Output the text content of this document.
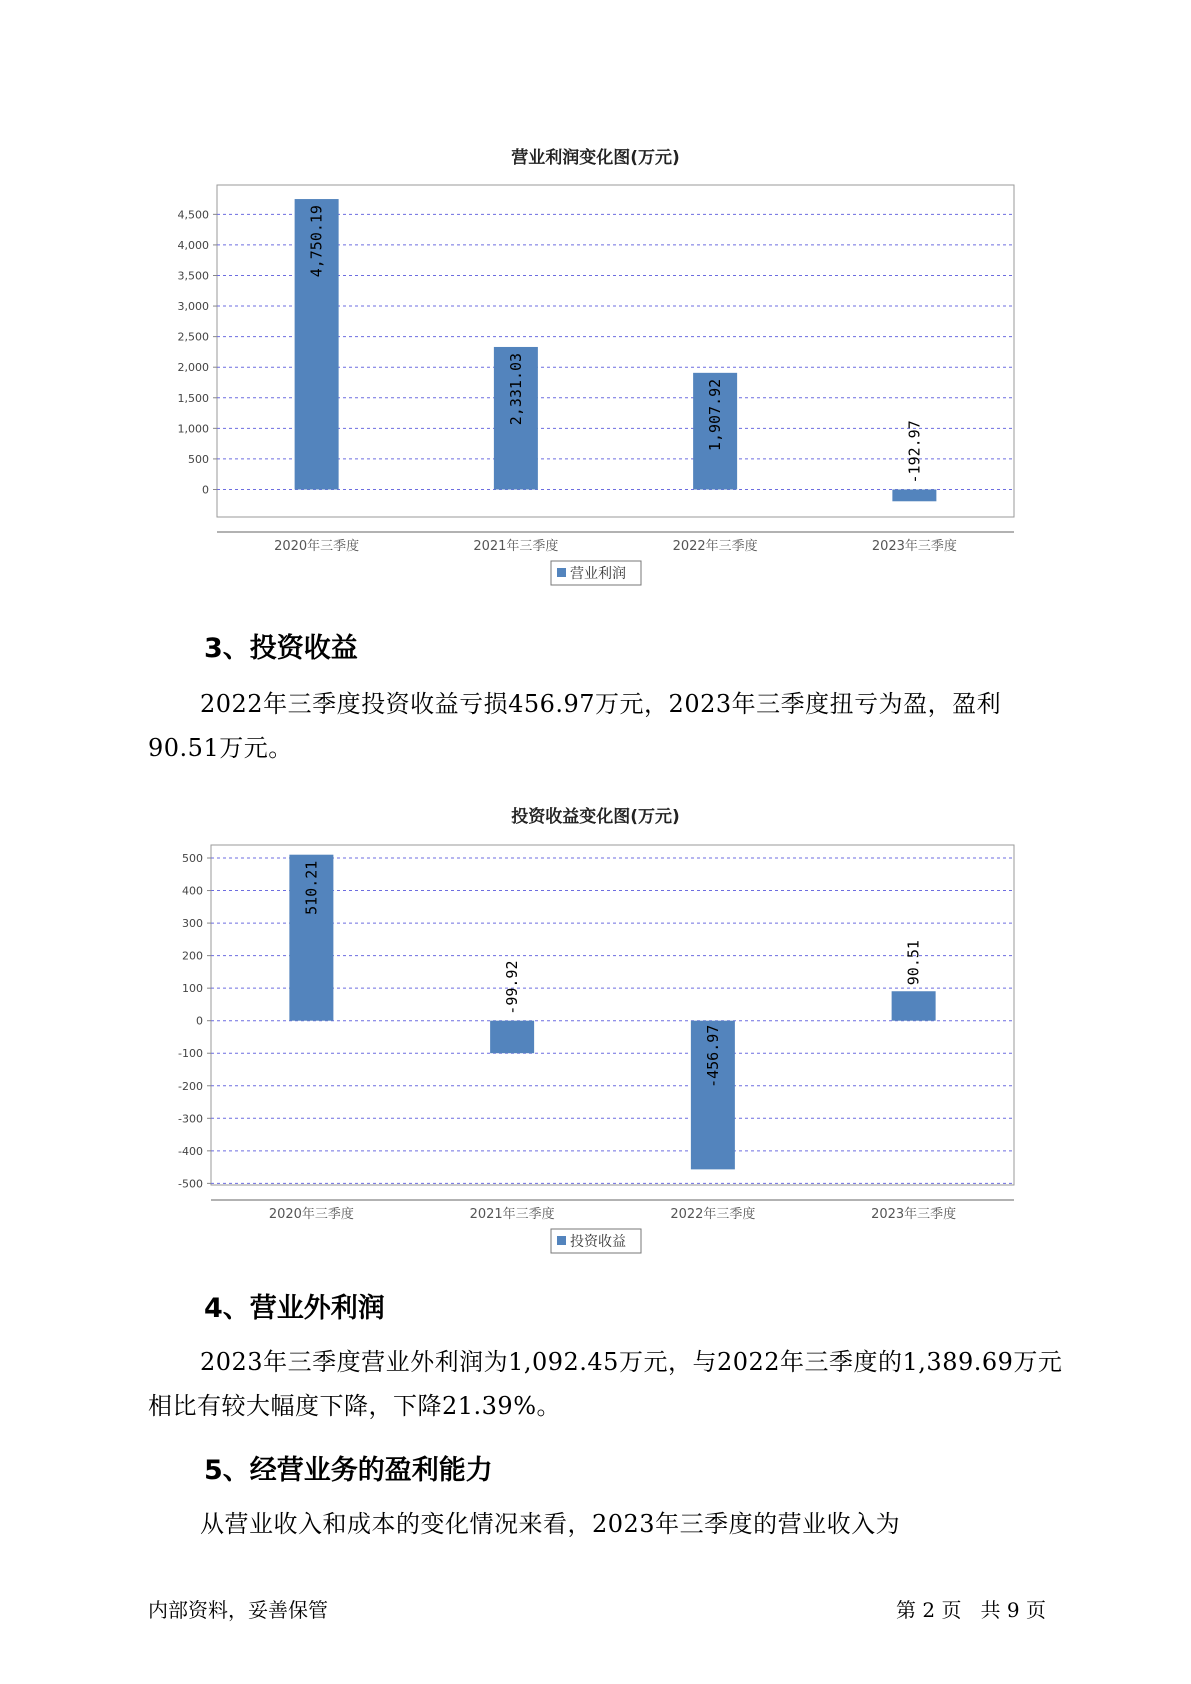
营业利润变化图(万元)
0
500
1,000
1,500
2,000
2,500
3,000
3,500
4,000
4,500	4,750.19
2020年三季度
2,331.03
2021年三季度
1,907.92
2022年三季度
-192.97
2023年三季度
营业利润
3、投资收益
2022年三季度投资收益亏损456.97万元，2023年三季度扭亏为盈，盈利90.51万元。
投资收益变化图(万元)
-500
-400
-300
-200
-100
0
100
200
300
400
500
510.21
2020年三季度
-99.92
2021年三季度
-456.97
2022年三季度
90.51
2023年三季度
投资收益
4、营业外利润
2023年三季度营业外利润为1,092.45万元，与2022年三季度的1,389.69万元相比有较大幅度下降，下降21.39%。
5、经营业务的盈利能力
从营业收入和成本的变化情况来看，2023年三季度的营业收入为
内部资料，妥善保管	第 2 页   共 9 页
